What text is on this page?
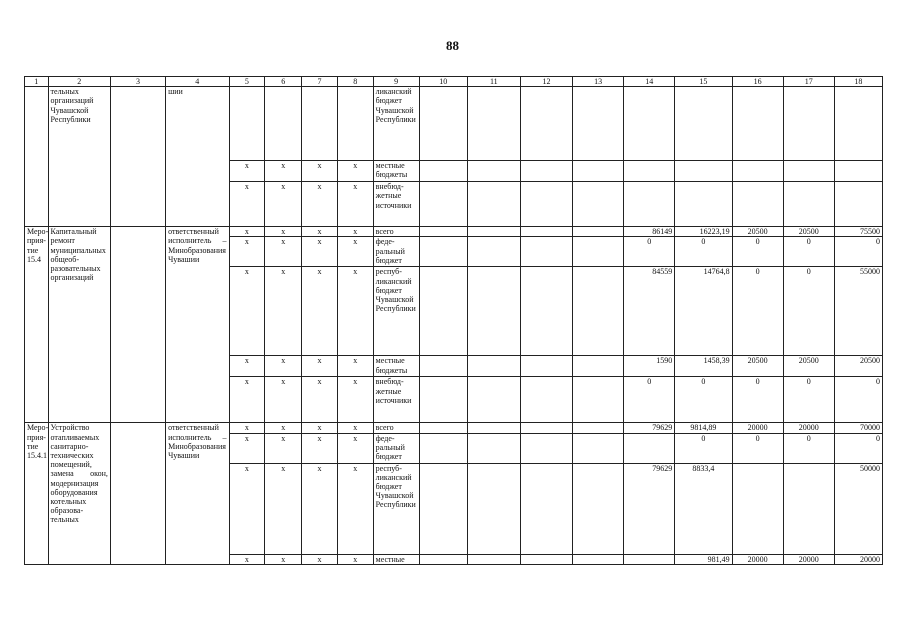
88
1	2	3	4	5	6	7	8	9	10	11	12	13	14	15	16	17	18
	тельных организаций Чувашской Республики		шии					ликанский бюджет Чувашской Республики									
				x	x	x	x	местные бюджеты									
				x	x	x	x	внебюджетные источники									
Мероприятие 15.4	Капитальный ремонт муниципальных общеобразовательных организаций		ответственный исполнитель – Минобразования Чувашии	x	x	x	x	всего					86149	16223,19	20500	20500	75500
				x	x	x	x	федеральный бюджет					0	0	0	0	0
				x	x	x	x	республиканский бюджет Чувашской Республики					84559	14764,8	0	0	55000
				x	x	x	x	местные бюджеты					1590	1458,39	20500	20500	20500
				x	x	x	x	внебюджетные источники					0	0	0	0	0
Мероприятие 15.4.1	Устройство отапливаемых санитарно-технических помещений, замена окон, модернизация оборудования котельных образовательных		ответственный исполнитель – Минобразования Чувашии	x	x	x	x	всего					79629	9814,89	20000	20000	70000
				x	x	x	x	федеральный бюджет						0	0	0	0
				x	x	x	x	республиканский бюджет Чувашской Республики					79629	8833,4			50000
				x	x	x	x	местные						981,49	20000	20000	20000
